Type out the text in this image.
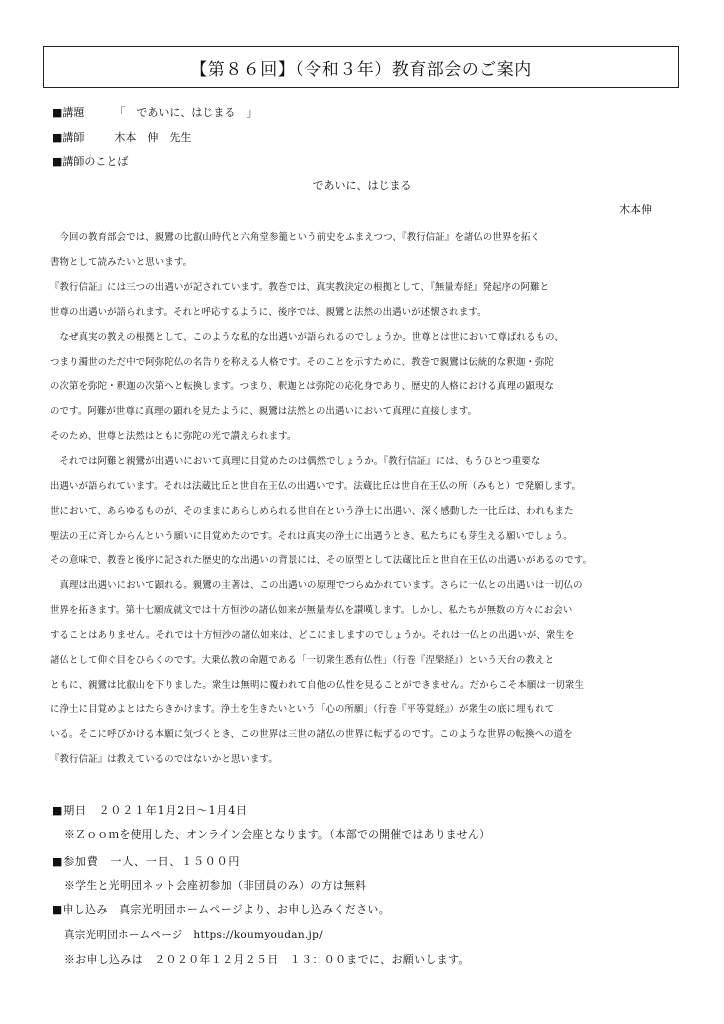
【第８６回】（令和３年）教育部会のご案内
■講題	「　であいに、はじまる　」
■講師	木本　伸　先生
■講師のことば
であいに、はじまる
木本伸
　今回の教育部会では、親鸞の比叡山時代と六角堂参籠という前史をふまえつつ、『教行信証』を諸仏の世界を拓く
書物として読みたいと思います。
『教行信証』には三つの出遇いが記されています。教巻では、真実教決定の根拠として、『無量寿経』発起序の阿難と
世尊の出遇いが語られます。それと呼応するように、後序では、親鸞と法然の出遇いが述懐されます。
　なぜ真実の教えの根拠として、このような私的な出遇いが語られるのでしょうか。世尊とは世において尊ばれるもの、
つまり濁世のただ中で阿弥陀仏の名告りを称える人格です。そのことを示すために、教巻で親鸞は伝統的な釈迦・弥陀
の次第を弥陀・釈迦の次第へと転換します。つまり、釈迦とは弥陀の応化身であり、歴史的人格における真理の顕現な
のです。阿難が世尊に真理の顕れを見たように、親鸞は法然との出遇いにおいて真理に直接します。
そのため、世尊と法然はともに弥陀の光で讃えられます。
　それでは阿難と親鸞が出遇いにおいて真理に目覚めたのは偶然でしょうか。『教行信証』には、もうひとつ重要な
出遇いが語られています。それは法蔵比丘と世自在王仏の出遇いです。法蔵比丘は世自在王仏の所（みもと）で発願します。
世において、あらゆるものが、そのままにあらしめられる世自在という浄土に出遇い、深く感動した一比丘は、われもまた
聖法の王に斉しからんという願いに目覚めたのです。それは真実の浄土に出遇うとき、私たちにも芽生える願いでしょう。
その意味で、教巻と後序に記された歴史的な出遇いの背景には、その原型として法蔵比丘と世自在王仏の出遇いがあるのです。
　真理は出遇いにおいて顕れる。親鸞の主著は、この出遇いの原理でつらぬかれています。さらに一仏との出遇いは一切仏の
世界を拓きます。第十七願成就文では十方恒沙の諸仏如来が無量寿仏を讃嘆します。しかし、私たちが無数の方々にお会い
することはありません。それでは十方恒沙の諸仏如来は、どこにましますのでしょうか。それは一仏との出遇いが、衆生を
諸仏として仰ぐ目をひらくのです。大乗仏教の命題である「一切衆生悉有仏性」（行巻『涅槃経』）という天台の教えと
ともに、親鸞は比叡山を下りました。衆生は無明に覆われて自他の仏性を見ることができません。だからこそ本願は一切衆生
に浄土に目覚めよとはたらきかけます。浄土を生きたいという「心の所願」（行巻『平等覚経』）が衆生の底に埋もれて
いる。そこに呼びかける本願に気づくとき、この世界は三世の諸仏の世界に転ずるのです。このような世界の転換への道を
『教行信証』は教えているのではないかと思います。
■期日　２０２１年1月2日～1月4日
※Ｚｏｏｍを使用した、オンライン会座となります。（本部での開催ではありません）
■参加費　一人、一日、１５００円
※学生と光明団ネット会座初参加（非団員のみ）の方は無料
■申し込み　真宗光明団ホームページより、お申し込みください。
真宗光明団ホームページ　https://koumyoudan.jp/
※お申し込みは　２０２０年１２月２５日　１３：００までに、お願いします。
